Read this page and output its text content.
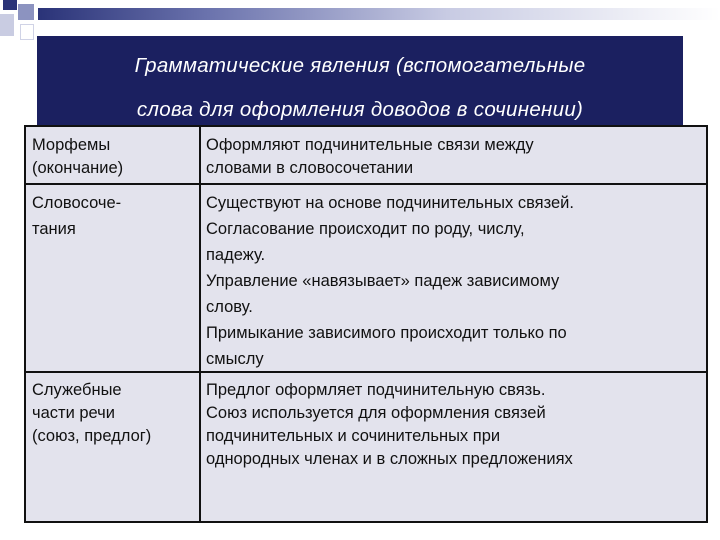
Грамматические явления (вспомогательные
слова для оформления доводов в сочинении)
Морфемы
(окончание)
Оформляют подчинительные связи между
словами в словосочетании
Словосоче-
тания
Существуют на основе подчинительных связей.
Согласование происходит по роду, числу,
падежу.
Управление «навязывает» падеж зависимому
слову.
Примыкание зависимого происходит только по
смыслу
Служебные
части речи
(союз, предлог)
Предлог оформляет подчинительную связь.
Союз используется для оформления связей
подчинительных и сочинительных при
однородных членах и в сложных предложениях
